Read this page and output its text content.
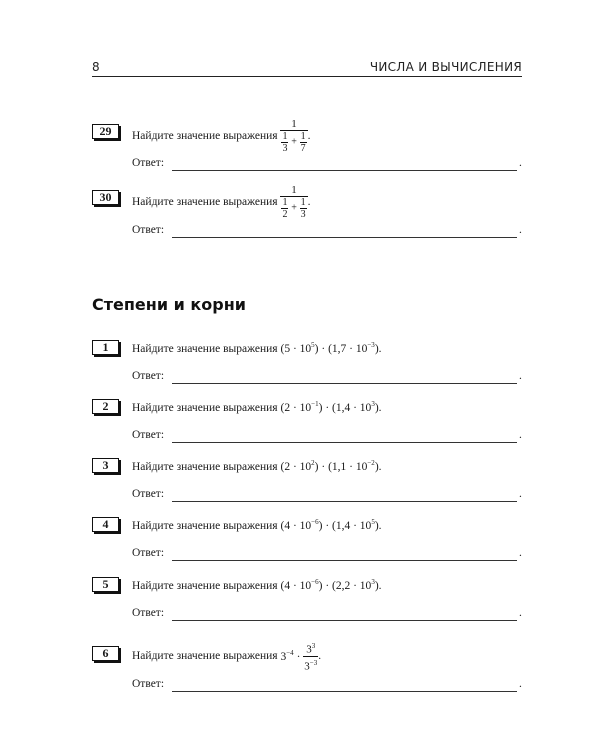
8	ЧИСЛА И ВЫЧИСЛЕНИЯ
29	Найдите значение выражения $\frac{1}{\frac{1}{3} + \frac{1}{7}}$ .
Ответ:	.
30	Найдите значение выражения $\frac{1}{\frac{1}{2} + \frac{1}{3}}$ .
Ответ:	.
Степени и корни
1	Найдите значение выражения $(5 \cdot 10^5) \cdot (1,7 \cdot 10^{-3})$.
Ответ:	.
2	Найдите значение выражения $(2 \cdot 10^{-1}) \cdot (1,4 \cdot 10^3)$.
Ответ:	.
3	Найдите значение выражения $(2 \cdot 10^2) \cdot (1,1 \cdot 10^{-2})$.
Ответ:	.
4	Найдите значение выражения $(4 \cdot 10^{-6}) \cdot (1,4 \cdot 10^5)$.
Ответ:	.
5	Найдите значение выражения $(4 \cdot 10^{-6}) \cdot (2,2 \cdot 10^3)$.
Ответ:	.
6	Найдите значение выражения $3^{-4} \cdot \frac{3^3}{3^{-3}}$ .
Ответ:	.
